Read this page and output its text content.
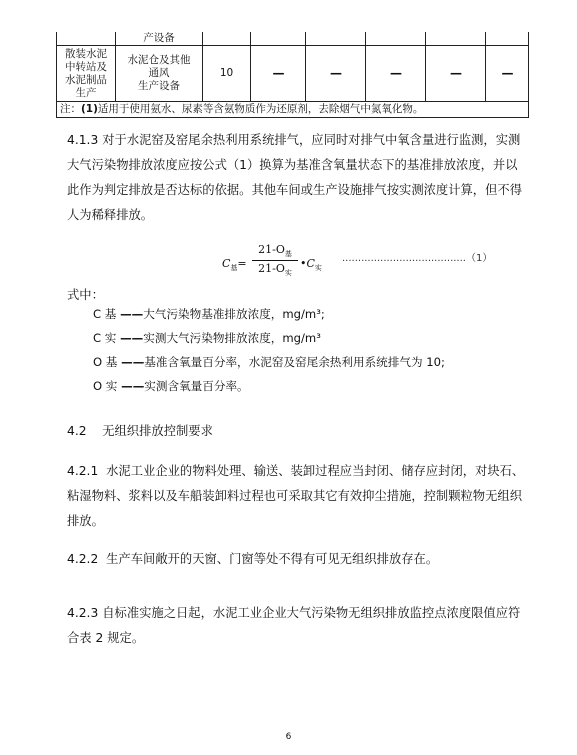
	产设备						

散装水泥
中转站及
水泥制品
生产	水泥仓及其他
通风
生产设备	10	—	—	—	—	—
注：(1)适用于使用氨水、尿素等含氨物质作为还原剂，去除烟气中氮氧化物。							

4.1.3 对于水泥窑及窑尾余热利用系统排气，应同时对排气中氧含量进行监测，实测大气污染物排放浓度应按公式（1）换算为基准含氧量状态下的基准排放浓度，并以此作为判定排放是否达标的依据。其他车间或生产设施排气按实测浓度计算，但不得人为稀释排放。

$C_基=$
$21-O_基$
$21-O_实$
$•C_实$
.......................................（1）
式中：
C 基 ——大气污染物基准排放浓度，mg/m³;
C 实 ——实测大气污染物排放浓度，mg/m³
O 基 ——基准含氧量百分率，水泥窑及窑尾余热利用系统排气为 10;
O 实 ——实测含氧量百分率。

4.2 无组织排放控制要求

4.2.1 水泥工业企业的物料处理、输送、装卸过程应当封闭、储存应封闭，对块石、粘湿物料、浆料以及车船装卸料过程也可采取其它有效抑尘措施，控制颗粒物无组织排放。

4.2.2 生产车间敞开的天窗、门窗等处不得有可见无组织排放存在。

4.2.3 自标准实施之日起，水泥工业企业大气污染物无组织排放监控点浓度限值应符合表 2 规定。

6
